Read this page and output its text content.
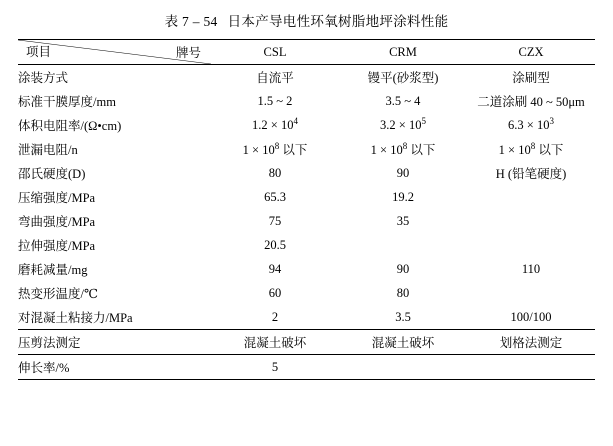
表 7 – 54 日本产导电性环氧树脂地坪涂料性能
牌号
项目	CSL	CRM	CZX
涂装方式	自流平	镘平(砂浆型)	涂刷型
标准干膜厚度/mm	1.5 ~ 2	3.5 ~ 4	二道涂刷 40 ~ 50μm
体积电阻率/(Ω•cm)	$1.2 \times 10^4$	$3.2 \times 10^5$	$6.3 \times 10^3$
泄漏电阻/n	$1 \times 10^8$ 以下	$1 \times 10^8$ 以下	$1 \times 10^8$ 以下
邵氏硬度(D)	80	90	H (铅笔硬度)
压缩强度/MPa	65.3	19.2	
弯曲强度/MPa	75	35	
拉伸强度/MPa	20.5		
磨耗减量/mg	94	90	110
热变形温度/℃	60	80	
对混凝土粘接力/MPa	2	3.5	100/100
压剪法测定	混凝土破坏	混凝土破坏	划格法测定
伸长率/%	5		
